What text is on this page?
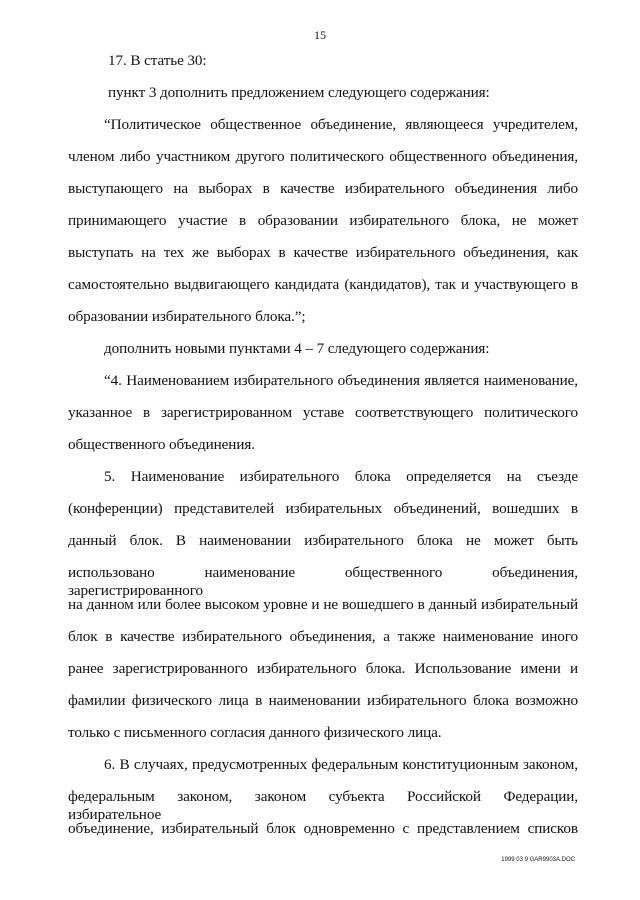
15
17. В статье 30:
пункт 3 дополнить предложением следующего содержания:
“Политическое общественное объединение, являющееся учредителем,
членом либо участником другого политического общественного объединения,
выступающего на выборах в качестве избирательного объединения либо
принимающего участие в образовании избирательного блока, не может
выступать на тех же выборах в качестве избирательного объединения, как
самостоятельно выдвигающего кандидата (кандидатов), так и участвующего в
образовании избирательного блока.”;
дополнить новыми пунктами 4 – 7 следующего содержания:
“4. Наименованием избирательного объединения является наименование,
указанное в зарегистрированном уставе соответствующего политического
общественного объединения.
5. Наименование избирательного блока определяется на съезде
(конференции) представителей избирательных объединений, вошедших в
данный блок. В наименовании избирательного блока не может быть
использовано наименование общественного объединения, зарегистрированного
на данном или более высоком уровне и не вошедшего в данный избирательный
блок в качестве избирательного объединения, а также наименование иного
ранее зарегистрированного избирательного блока. Использование имени и
фамилии физического лица в наименовании избирательного блока возможно
только с письменного согласия данного физического лица.
6. В случаях, предусмотренных федеральным конституционным законом,
федеральным законом, законом субъекта Российской Федерации, избирательное
объединение, избирательный блок одновременно с представлением списков
1999 03 9 GAR9903A.DOC
